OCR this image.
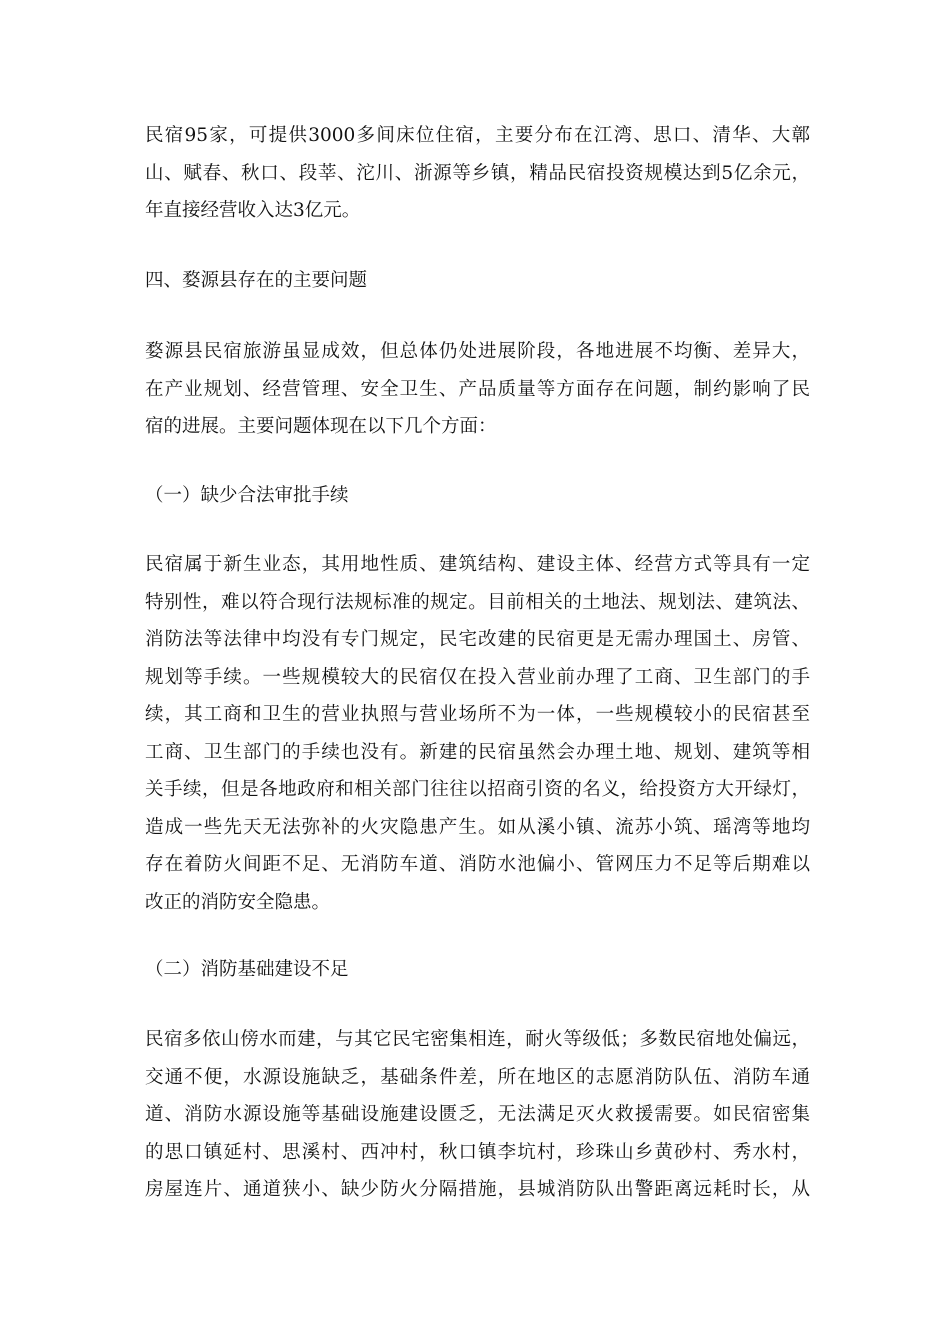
民宿95家，可提供3000多间床位住宿，主要分布在江湾、思口、清华、大鄣
山、赋春、秋口、段莘、沱川、浙源等乡镇，精品民宿投资规模达到5亿余元，
年直接经营收入达3亿元。
四、婺源县存在的主要问题
婺源县民宿旅游虽显成效，但总体仍处进展阶段，各地进展不均衡、差异大，
在产业规划、经营管理、安全卫生、产品质量等方面存在问题，制约影响了民
宿的进展。主要问题体现在以下几个方面：
（一）缺少合法审批手续
民宿属于新生业态，其用地性质、建筑结构、建设主体、经营方式等具有一定
特别性，难以符合现行法规标准的规定。目前相关的土地法、规划法、建筑法、
消防法等法律中均没有专门规定，民宅改建的民宿更是无需办理国土、房管、
规划等手续。一些规模较大的民宿仅在投入营业前办理了工商、卫生部门的手
续，其工商和卫生的营业执照与营业场所不为一体，一些规模较小的民宿甚至
工商、卫生部门的手续也没有。新建的民宿虽然会办理土地、规划、建筑等相
关手续，但是各地政府和相关部门往往以招商引资的名义，给投资方大开绿灯，
造成一些先天无法弥补的火灾隐患产生。如从溪小镇、流苏小筑、瑶湾等地均
存在着防火间距不足、无消防车道、消防水池偏小、管网压力不足等后期难以
改正的消防安全隐患。
（二）消防基础建设不足
民宿多依山傍水而建，与其它民宅密集相连，耐火等级低；多数民宿地处偏远，
交通不便，水源设施缺乏，基础条件差，所在地区的志愿消防队伍、消防车通
道、消防水源设施等基础设施建设匮乏，无法满足灭火救援需要。如民宿密集
的思口镇延村、思溪村、西冲村，秋口镇李坑村，珍珠山乡黄砂村、秀水村，
房屋连片、通道狭小、缺少防火分隔措施，县城消防队出警距离远耗时长，从
